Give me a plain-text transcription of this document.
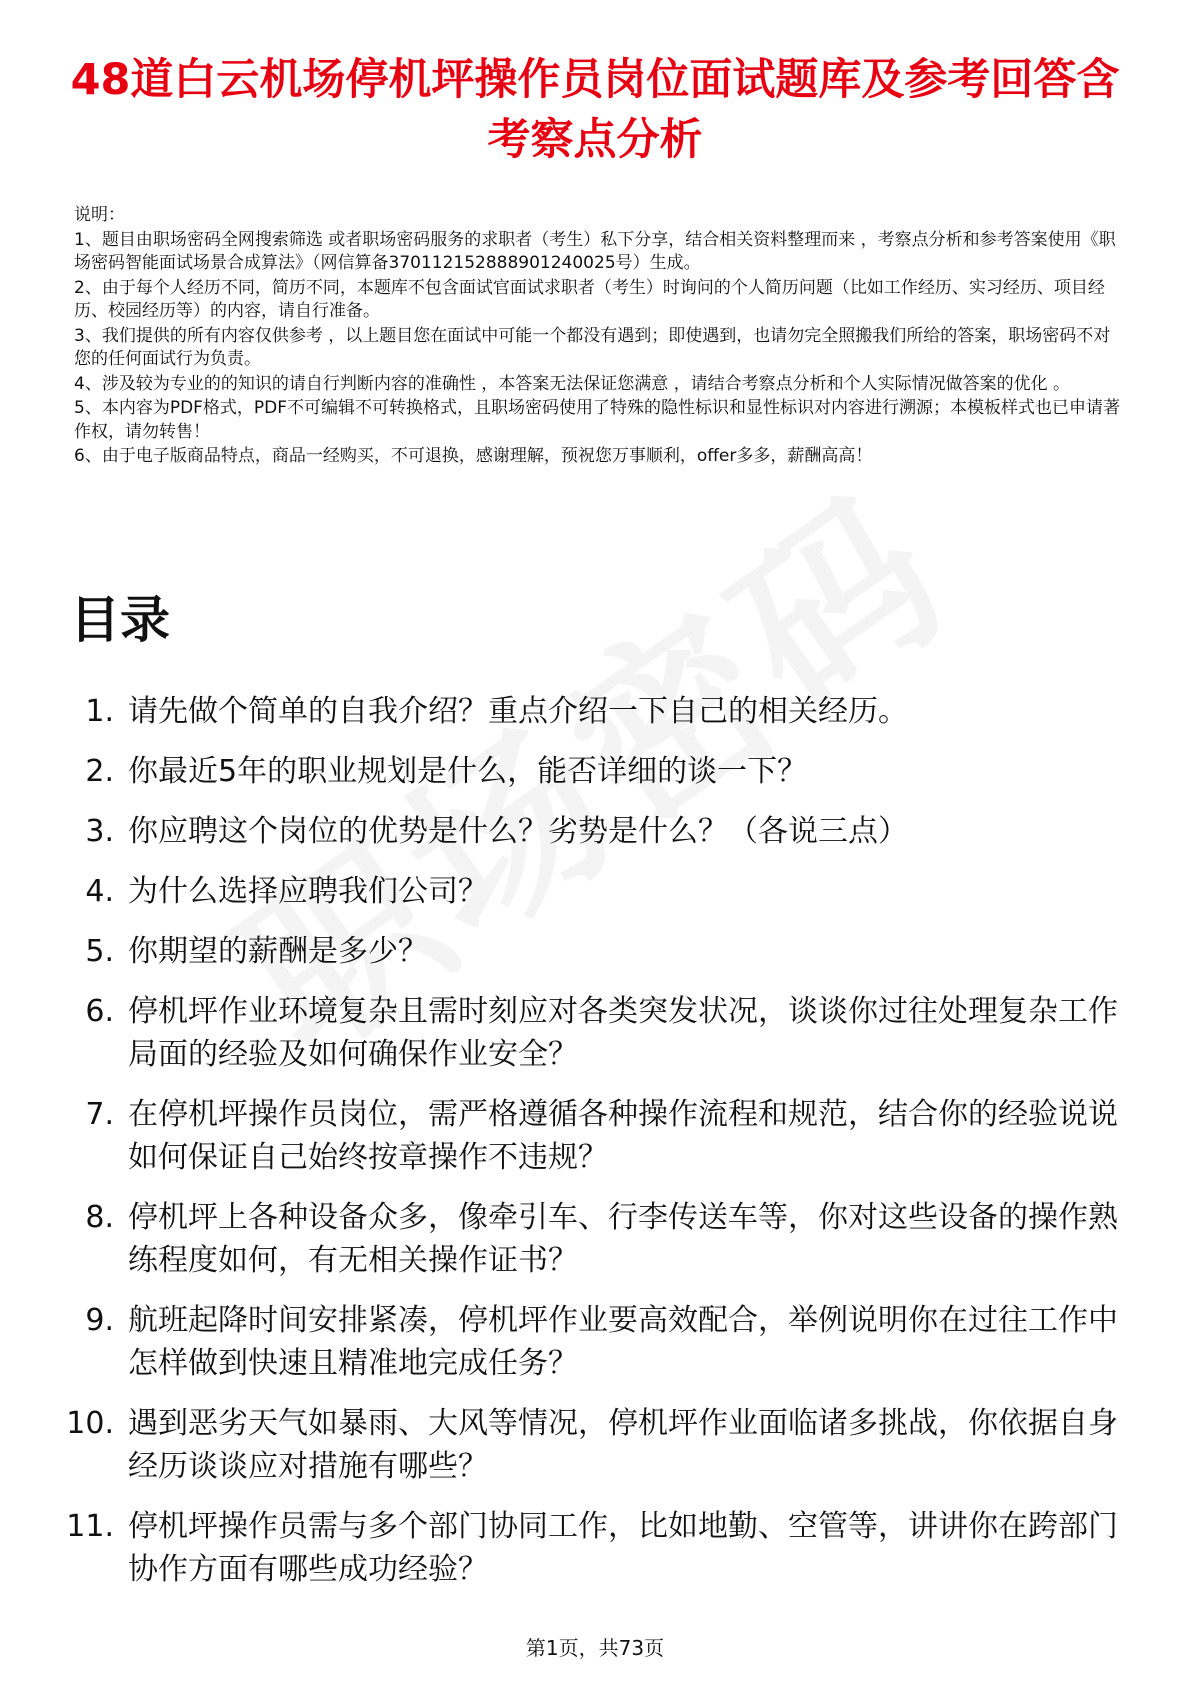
48道白云机场停机坪操作员岗位面试题库及参考回答含考察点分析

说明：

1、题目由职场密码全网搜索筛选 或者职场密码服务的求职者（考生）私下分享，结合相关资料整理而来 ，考察点分析和参考答案使用《职场密码智能面试场景合成算法》（网信算备370112152888901240025号）生成。

2、由于每个人经历不同，简历不同，本题库不包含面试官面试求职者（考生）时询问的个人简历问题（比如工作经历、实习经历、项目经历、校园经历等）的内容，请自行准备。

3、我们提供的所有内容仅供参考 ，以上题目您在面试中可能一个都没有遇到；即使遇到，也请勿完全照搬我们所给的答案，职场密码不对您的任何面试行为负责。

4、涉及较为专业的的知识的请自行判断内容的准确性 ，本答案无法保证您满意 ，请结合考察点分析和个人实际情况做答案的优化 。

5、本内容为PDF格式，PDF不可编辑不可转换格式，且职场密码使用了特殊的隐性标识和显性标识对内容进行溯源；本模板样式也已申请著作权，请勿转售！

6、由于电子版商品特点，商品一经购买，不可退换，感谢理解，预祝您万事顺利，offer多多，薪酬高高！

目录
1. 请先做个简单的自我介绍？重点介绍一下自己的相关经历。
2. 你最近5年的职业规划是什么，能否详细的谈一下？
3. 你应聘这个岗位的优势是什么？劣势是什么？（各说三点）
4. 为什么选择应聘我们公司？
5. 你期望的薪酬是多少？
6. 停机坪作业环境复杂且需时刻应对各类突发状况，谈谈你过往处理复杂工作局面的经验及如何确保作业安全？
7. 在停机坪操作员岗位，需严格遵循各种操作流程和规范，结合你的经验说说如何保证自己始终按章操作不违规？
8. 停机坪上各种设备众多，像牵引车、行李传送车等，你对这些设备的操作熟练程度如何，有无相关操作证书？
9. 航班起降时间安排紧凑，停机坪作业要高效配合，举例说明你在过往工作中怎样做到快速且精准地完成任务？
10. 遇到恶劣天气如暴雨、大风等情况，停机坪作业面临诸多挑战，你依据自身经历谈谈应对措施有哪些？
11. 停机坪操作员需与多个部门协同工作，比如地勤、空管等，讲讲你在跨部门协作方面有哪些成功经验？
第1页，共73页
